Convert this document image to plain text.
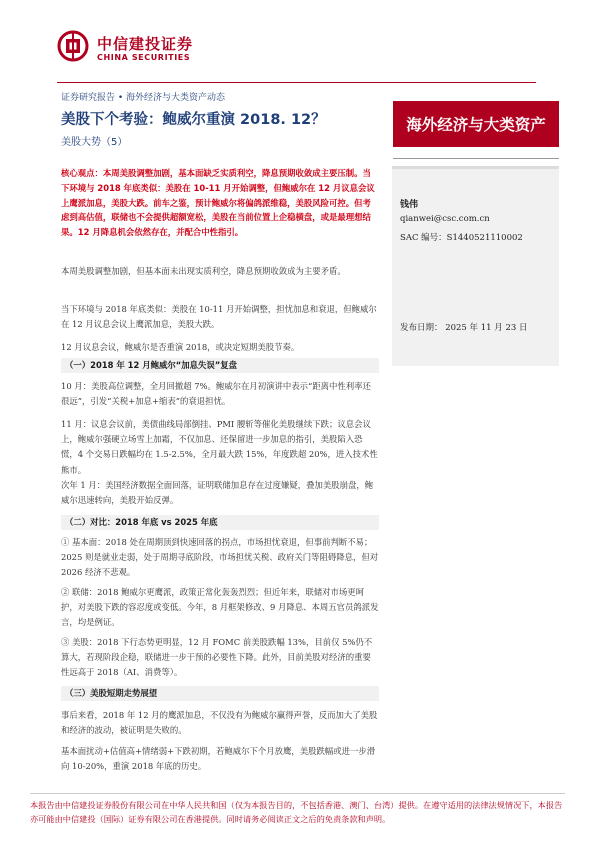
中信建投证券
CHINA SECURITIES
证券研究报告 • 海外经济与大类资产动态
美股下个考验：鲍威尔重演 2018. 12？
美股大势（5）
海外经济与大类资产
钱伟
qianwei@csc.com.cn
SAC 编号：S1440521110002
发布日期： 2025 年 11 月 23 日
核心观点：本周美股调整加剧，基本面缺乏实质利空，降息预期收敛成主要压制。当下环境与 2018 年底类似：美股在 10-11 月开始调整，但鲍威尔在 12 月议息会议上鹰派加息，美股大跌。前车之鉴，预计鲍威尔将偏鸽派维稳，美股风险可控。但考虑到高估值，联储也不会提供超额宽松，美股在当前位置上企稳横盘，或是最理想结果。12 月降息机会依然存在，并配合中性指引。
本周美股调整加剧，但基本面未出现实质利空，降息预期收敛成为主要矛盾。
当下环境与 2018 年底类似：美股在 10-11 月开始调整，担忧加息和衰退，但鲍威尔在 12 月议息会议上鹰派加息，美股大跌。
12 月议息会议，鲍威尔是否重演 2018，或决定短期美股节奏。
（一）2018 年 12 月鲍威尔“加息失误”复盘
10 月：美股高位调整，全月回撤超 7%。鲍威尔在月初演讲中表示“距离中性利率还很远”，引发“关税+加息+缩表”的衰退担忧。
11 月：议息会议前，美债曲线局部倒挂、PMI 腰斩等催化美股继续下跌；议息会议上，鲍威尔强硬立场雪上加霜，不仅加息、还保留进一步加息的指引，美股陷入恐慌，4 个交易日跌幅均在 1.5-2.5%，全月最大跌 15%，年度跌超 20%，进入技术性熊市。
次年 1 月：美国经济数据全面回落，证明联储加息存在过度嫌疑，叠加美股崩盘，鲍威尔迅速转向，美股开始反弹。
（二）对比：2018 年底 vs 2025 年底
① 基本面：2018 处在周期顶到快速回落的拐点，市场担忧衰退，但事前判断不易；2025 则是就业走弱，处于周期寻底阶段，市场担忧关税、政府关门等阻碍降息，但对 2026 经济不悲观。
② 联储：2018 鲍威尔更鹰派，政策正常化轰轰烈烈；但近年来，联储对市场更呵护，对美股下跌的容忍度或变低。今年，8 月框架修改、9 月降息、本周五官员鸽派发言，均是例证。
③ 美股：2018 下行态势更明显，12 月 FOMC 前美股跌幅 13%，目前仅 5%仍不算大，若现阶段企稳，联储进一步干预的必要性下降。此外，目前美股对经济的重要性远高于 2018（AI、消费等）。
（三）美股短期走势展望
事后来看，2018 年 12 月的鹰派加息，不仅没有为鲍威尔赢得声誉，反而加大了美股和经济的波动，被证明是失败的。
基本面扰动+估值高+情绪弱+下跌初期，若鲍威尔下个月放鹰，美股跌幅或进一步滑向 10-20%，重演 2018 年底的历史。
本报告由中信建投证券股份有限公司在中华人民共和国（仅为本报告目的，不包括香港、澳门、台湾）提供。在遵守适用的法律法规情况下，本报告亦可能由中信建投（国际）证券有限公司在香港提供。同时请务必阅读正文之后的免责条款和声明。
